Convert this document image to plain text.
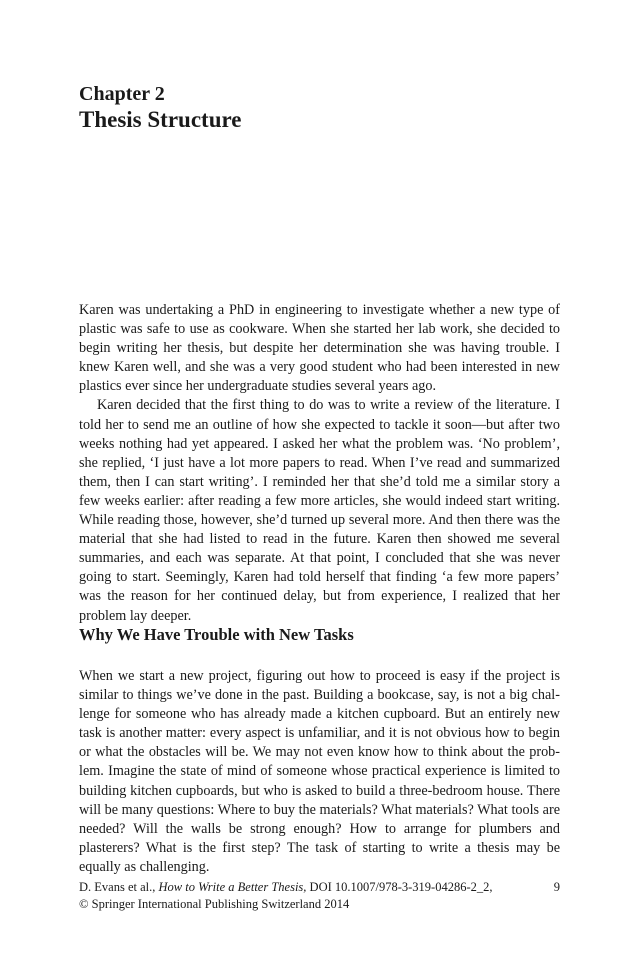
Chapter 2
Thesis Structure

Karen was undertaking a PhD in engineering to investigate whether a new type of plastic was safe to use as cookware. When she started her lab work, she decided to begin writing her thesis, but despite her determination she was having trouble. I knew Karen well, and she was a very good student who had been interested in new plastics ever since her undergraduate studies several years ago.

Karen decided that the first thing to do was to write a review of the literature. I told her to send me an outline of how she expected to tackle it soon—but after two weeks nothing had yet appeared. I asked her what the problem was. ‘No problem’, she replied, ‘I just have a lot more papers to read. When I’ve read and summarized them, then I can start writing’. I reminded her that she’d told me a similar story a few weeks earlier: after reading a few more articles, she would indeed start writing. While reading those, however, she’d turned up several more. And then there was the material that she had listed to read in the future. Karen then showed me several summaries, and each was separate. At that point, I concluded that she was never going to start. Seemingly, Karen had told herself that finding ‘a few more papers’ was the reason for her continued delay, but from experience, I realized that her problem lay deeper.

Why We Have Trouble with New Tasks

When we start a new project, figuring out how to proceed is easy if the project is similar to things we’ve done in the past. Building a bookcase, say, is not a big challenge for someone who has already made a kitchen cupboard. But an entirely new task is another matter: every aspect is unfamiliar, and it is not obvious how to begin or what the obstacles will be. We may not even know how to think about the problem. Imagine the state of mind of someone whose practical experience is limited to building kitchen cupboards, but who is asked to build a three-bedroom house. There will be many questions: Where to buy the materials? What materials? What tools are needed? Will the walls be strong enough? How to arrange for plumbers and plasterers? What is the first step? The task of starting to write a thesis may be equally as challenging.

D. Evans et al., How to Write a Better Thesis, DOI 10.1007/978-3-319-04286-2_2,
© Springer International Publishing Switzerland 2014
9
